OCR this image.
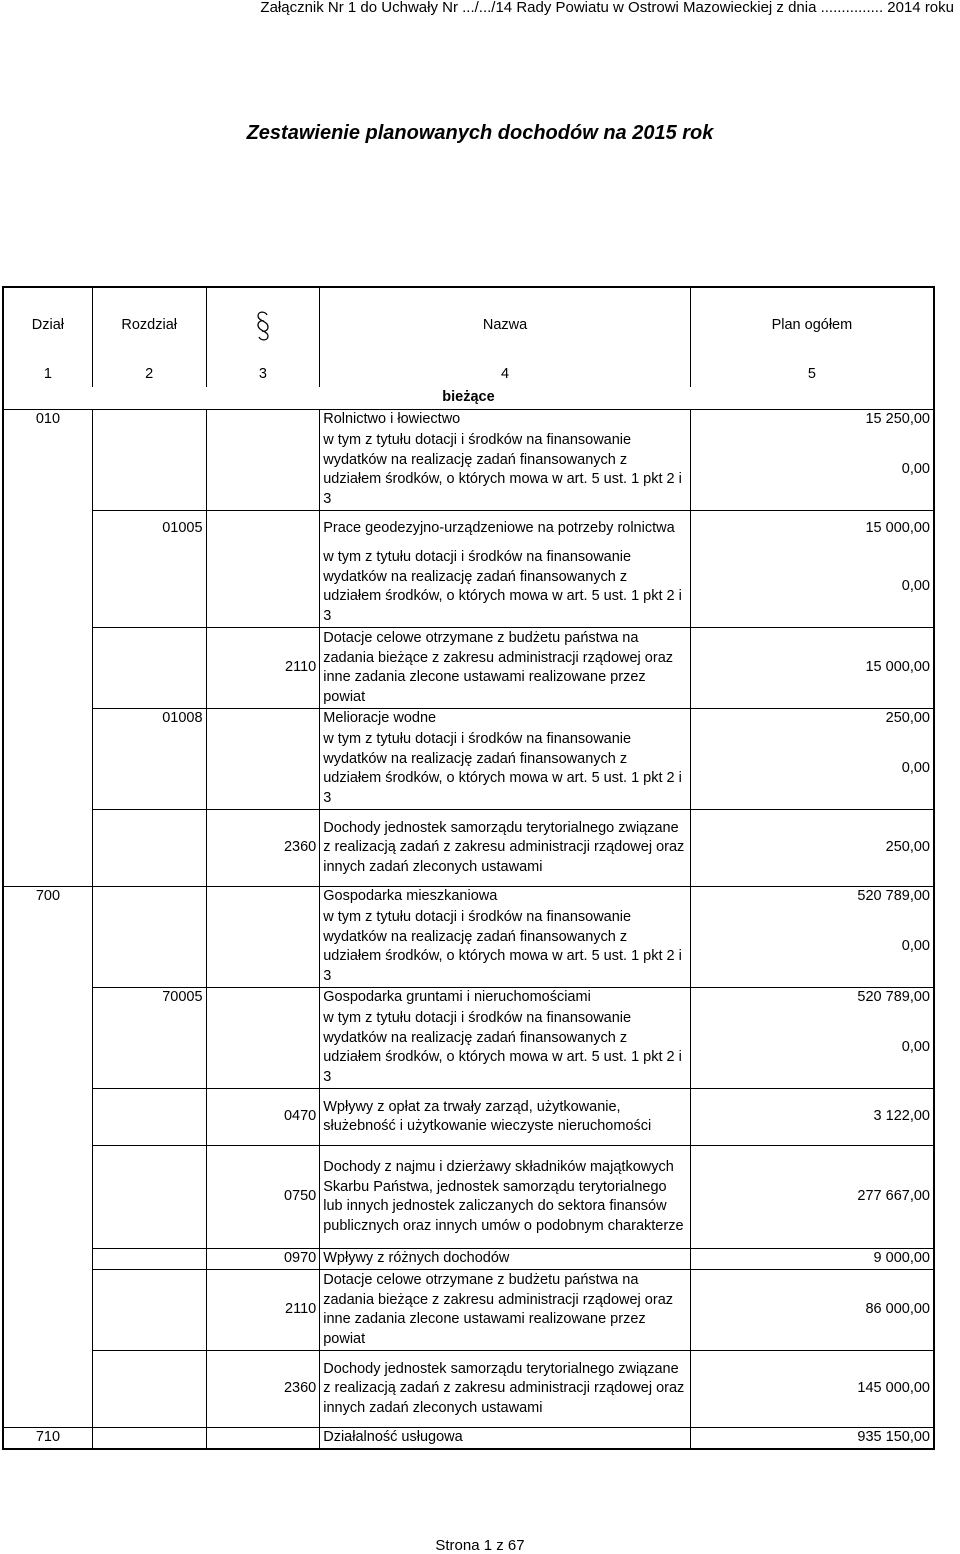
Załącznik Nr 1 do Uchwały Nr .../.../14 Rady Powiatu w Ostrowi Mazowieckiej z dnia ............... 2014 roku
Zestawienie planowanych dochodów na 2015 rok
Dział	Rozdział		Nazwa	Plan ogółem
1	2	3	4	5
bieżące				
010			Rolnictwo i łowiectwo	15 250,00
			w tym z tytułu dotacji i środków na finansowanie wydatków na realizację zadań finansowanych z udziałem środków, o których mowa w art. 5 ust. 1 pkt 2 i 3	0,00
	01005		Prace geodezyjno-urządzeniowe na potrzeby rolnictwa	15 000,00
			w tym z tytułu dotacji i środków na finansowanie wydatków na realizację zadań finansowanych z udziałem środków, o których mowa w art. 5 ust. 1 pkt 2 i 3	0,00
		2110	Dotacje celowe otrzymane z budżetu państwa na zadania bieżące z zakresu administracji rządowej oraz inne zadania zlecone ustawami realizowane przez powiat	15 000,00
	01008		Melioracje wodne	250,00
			w tym z tytułu dotacji i środków na finansowanie wydatków na realizację zadań finansowanych z udziałem środków, o których mowa w art. 5 ust. 1 pkt 2 i 3	0,00
		2360	Dochody jednostek samorządu terytorialnego związane z realizacją zadań z zakresu administracji rządowej oraz innych zadań zleconych ustawami	250,00
700			Gospodarka mieszkaniowa	520 789,00
			w tym z tytułu dotacji i środków na finansowanie wydatków na realizację zadań finansowanych z udziałem środków, o których mowa w art. 5 ust. 1 pkt 2 i 3	0,00
	70005		Gospodarka gruntami i nieruchomościami	520 789,00
			w tym z tytułu dotacji i środków na finansowanie wydatków na realizację zadań finansowanych z udziałem środków, o których mowa w art. 5 ust. 1 pkt 2 i 3	0,00
		0470	Wpływy z opłat za trwały zarząd, użytkowanie, służebność i użytkowanie wieczyste nieruchomości	3 122,00
		0750	Dochody z najmu i dzierżawy składników majątkowych Skarbu Państwa, jednostek samorządu terytorialnego lub innych jednostek zaliczanych do sektora finansów publicznych oraz innych umów o podobnym charakterze	277 667,00
		0970	Wpływy z różnych dochodów	9 000,00
		2110	Dotacje celowe otrzymane z budżetu państwa na zadania bieżące z zakresu administracji rządowej oraz inne zadania zlecone ustawami realizowane przez powiat	86 000,00
		2360	Dochody jednostek samorządu terytorialnego związane z realizacją zadań z zakresu administracji rządowej oraz innych zadań zleconych ustawami	145 000,00
710			Działalność usługowa	935 150,00
Strona 1 z 67
